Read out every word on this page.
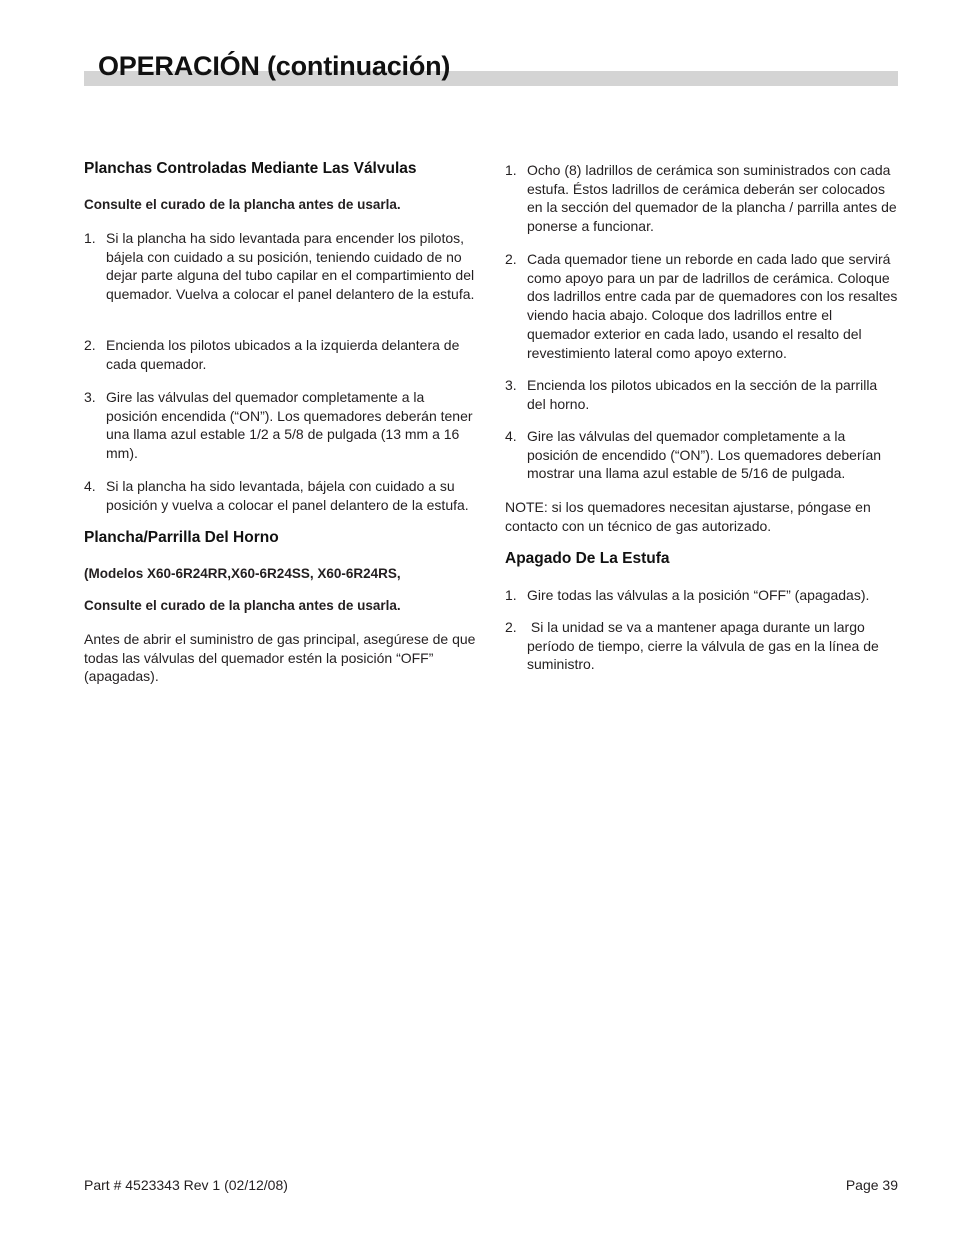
OPERACIÓN (continuación)
Planchas Controladas Mediante Las Válvulas
Consulte el curado de la plancha antes de usarla.
1. Si la plancha ha sido levantada para encender los pilotos, bájela con cuidado a su posición, teniendo cuidado de no dejar parte alguna del tubo capilar en el compartimiento del quemador. Vuelva a colocar el panel delantero de la estufa.
2. Encienda los pilotos ubicados a la izquierda delantera de cada quemador.
3. Gire las válvulas del quemador completamente a la posición encendida (“ON”). Los quemadores deberán tener una llama azul estable 1/2 a 5/8 de pulgada (13 mm a 16 mm).
4. Si la plancha ha sido levantada, bájela con cuidado a su posición y vuelva a colocar el panel delantero de la estufa.
Plancha/Parrilla Del Horno
(Modelos X60-6R24RR,X60-6R24SS, X60-6R24RS,
Consulte el curado de la plancha antes de usarla.
Antes de abrir el suministro de gas principal, asegúrese de que todas las válvulas del quemador estén la posición “OFF” (apagadas).
1. Ocho (8) ladrillos de cerámica son suministrados con cada estufa. Éstos ladrillos de cerámica deberán ser colocados en la sección del quemador de la plancha / parrilla antes de ponerse a funcionar.
2. Cada quemador tiene un reborde en cada lado que servirá como apoyo para un par de ladrillos de cerámica. Coloque dos ladrillos entre cada par de quemadores con los resaltes viendo hacia abajo. Coloque dos ladrillos entre el quemador exterior en cada lado, usando el resalto del revestimiento lateral como apoyo externo.
3. Encienda los pilotos ubicados en la sección de la parrilla del horno.
4. Gire las válvulas del quemador completamente a la posición de encendido (“ON”). Los quemadores deberían mostrar una llama azul estable de 5/16 de pulgada.
NOTE: si los quemadores necesitan ajustarse, póngase en contacto con un técnico de gas autorizado.
Apagado De La Estufa
1. Gire todas las válvulas a la posición “OFF” (apagadas).
2. Si la unidad se va a mantener apaga durante un largo período de tiempo, cierre la válvula de gas en la línea de suministro.
Part # 4523343 Rev 1 (02/12/08)	Page 39
